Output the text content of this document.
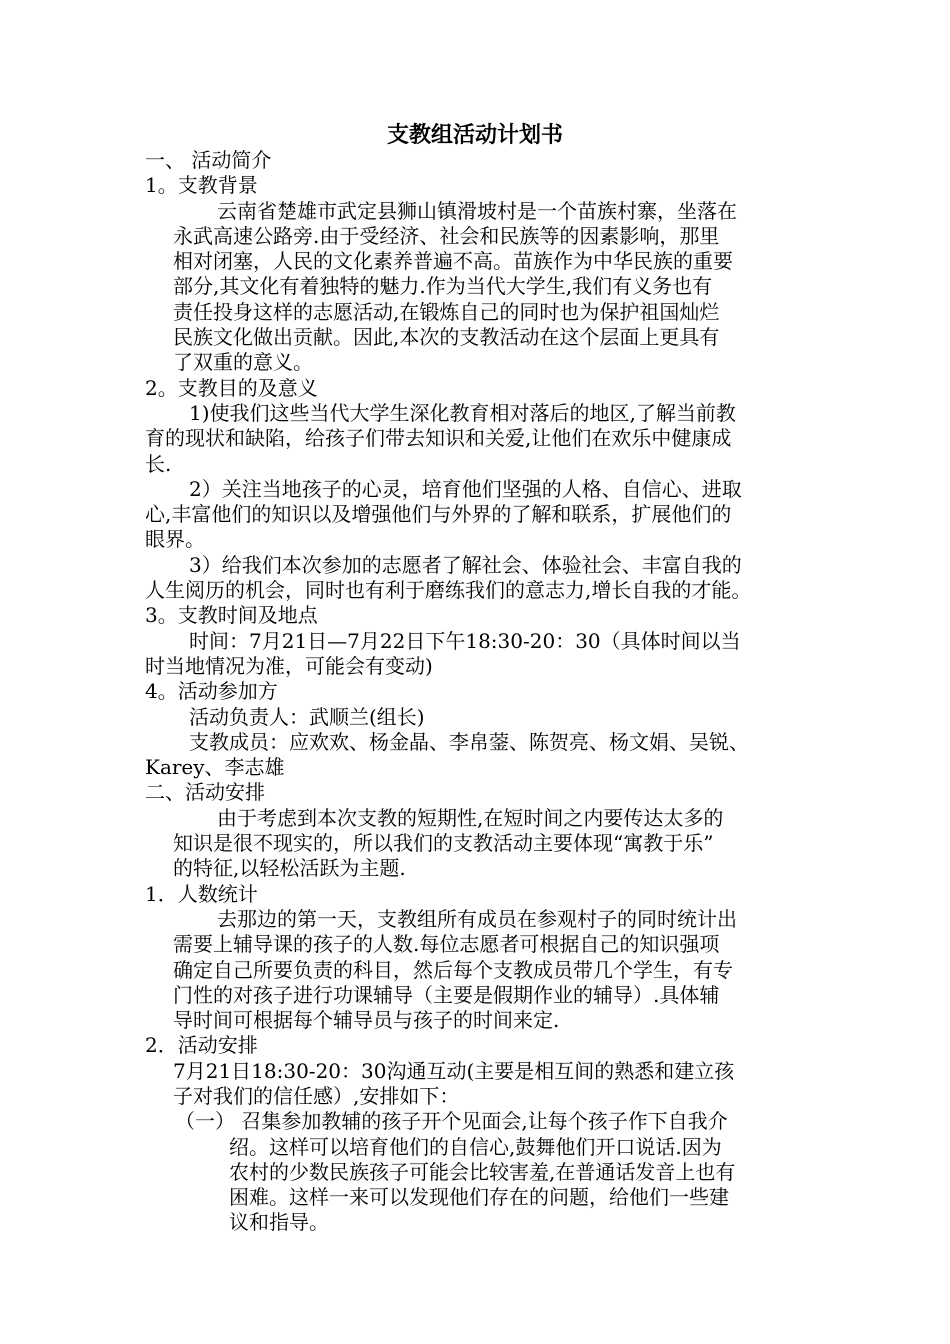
支教组活动计划书
一、 活动简介
1。支教背景
云南省楚雄市武定县狮山镇滑坡村是一个苗族村寨，坐落在
永武高速公路旁.由于受经济、社会和民族等的因素影响，那里
相对闭塞，人民的文化素养普遍不高。苗族作为中华民族的重要
部分,其文化有着独特的魅力.作为当代大学生,我们有义务也有
责任投身这样的志愿活动,在锻炼自己的同时也为保护祖国灿烂
民族文化做出贡献。因此,本次的支教活动在这个层面上更具有
了双重的意义。
2。支教目的及意义
1)使我们这些当代大学生深化教育相对落后的地区,了解当前教
育的现状和缺陷，给孩子们带去知识和关爱,让他们在欢乐中健康成
长.
2）关注当地孩子的心灵，培育他们坚强的人格、自信心、进取
心,丰富他们的知识以及增强他们与外界的了解和联系，扩展他们的
眼界。
3）给我们本次参加的志愿者了解社会、体验社会、丰富自我的
人生阅历的机会，同时也有利于磨练我们的意志力,增长自我的才能。
3。支教时间及地点
时间：7月21日—7月22日下午18:30-20：30（具体时间以当
时当地情况为准，可能会有变动)
4。活动参加方
活动负责人：武顺兰(组长)
支教成员：应欢欢、杨金晶、李帛蓥、陈贺亮、杨文娟、吴锐、
Karey、李志雄
二、活动安排
由于考虑到本次支教的短期性,在短时间之内要传达太多的
知识是很不现实的，所以我们的支教活动主要体现“寓教于乐”
的特征,以轻松活跃为主题.
1．人数统计
去那边的第一天，支教组所有成员在参观村子的同时统计出
需要上辅导课的孩子的人数.每位志愿者可根据自己的知识强项
确定自己所要负责的科目，然后每个支教成员带几个学生，有专
门性的对孩子进行功课辅导（主要是假期作业的辅导）.具体辅
导时间可根据每个辅导员与孩子的时间来定.
2．活动安排
7月21日18:30-20：30沟通互动(主要是相互间的熟悉和建立孩
子对我们的信任感）,安排如下：
（一） 召集参加教辅的孩子开个见面会,让每个孩子作下自我介
绍。这样可以培育他们的自信心,鼓舞他们开口说话.因为
农村的少数民族孩子可能会比较害羞,在普通话发音上也有
困难。这样一来可以发现他们存在的问题，给他们一些建
议和指导。
